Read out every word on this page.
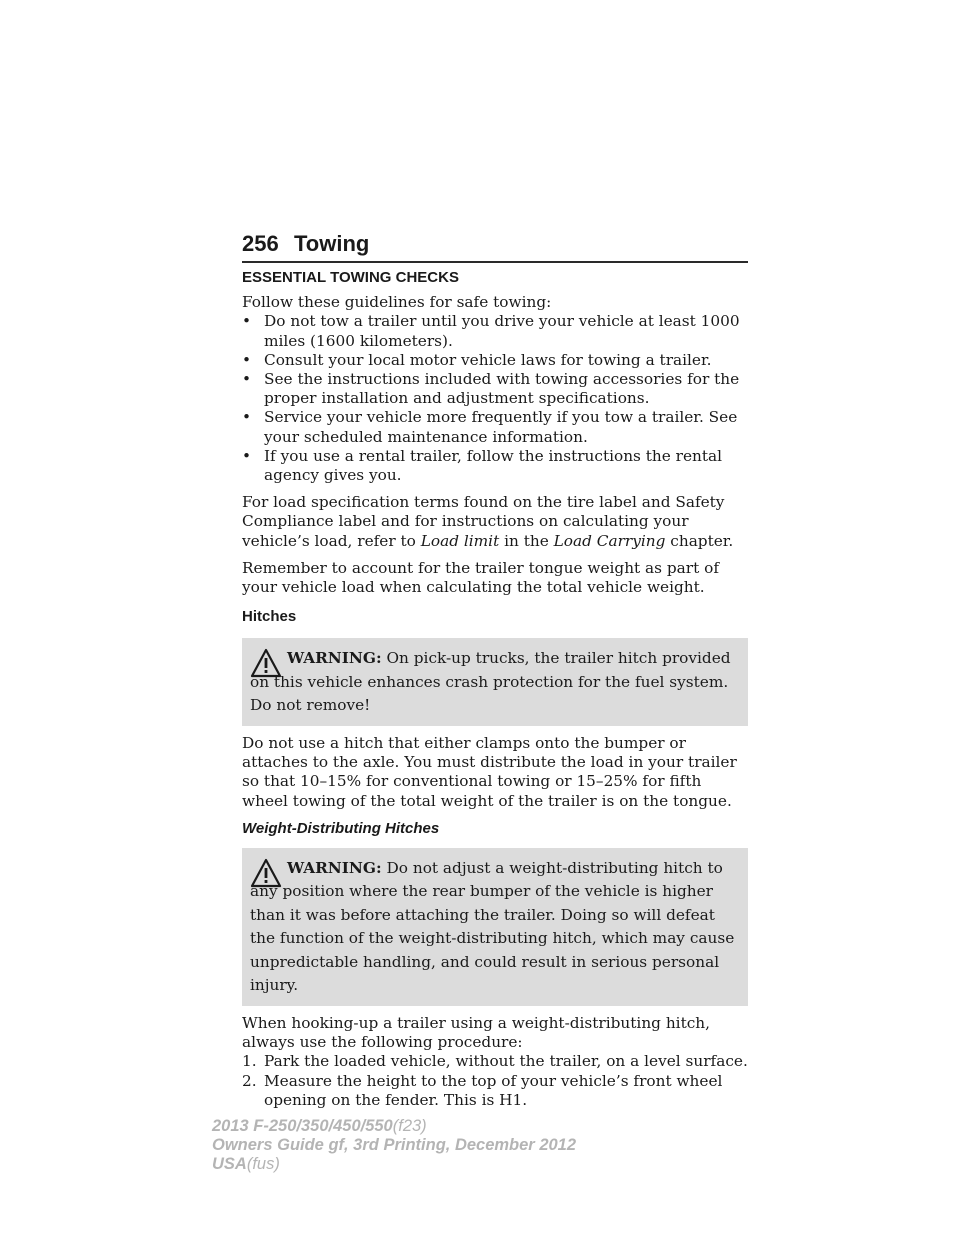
256 Towing
ESSENTIAL TOWING CHECKS

Follow these guidelines for safe towing:

• Do not tow a trailer until you drive your vehicle at least 1000 miles (1600 kilometers).
• Consult your local motor vehicle laws for towing a trailer.
• See the instructions included with towing accessories for the proper installation and adjustment specifications.
• Service your vehicle more frequently if you tow a trailer. See your scheduled maintenance information.
• If you use a rental trailer, follow the instructions the rental agency gives you.

For load specification terms found on the tire label and Safety Compliance label and for instructions on calculating your vehicle’s load, refer to Load limit in the Load Carrying chapter.

Remember to account for the trailer tongue weight as part of your vehicle load when calculating the total vehicle weight.

Hitches
WARNING: On pick-up trucks, the trailer hitch provided on this vehicle enhances crash protection for the fuel system. Do not remove!

Do not use a hitch that either clamps onto the bumper or attaches to the axle. You must distribute the load in your trailer so that 10–15% for conventional towing or 15–25% for fifth wheel towing of the total weight of the trailer is on the tongue.

Weight-Distributing Hitches
WARNING: Do not adjust a weight-distributing hitch to any position where the rear bumper of the vehicle is higher than it was before attaching the trailer. Doing so will defeat the function of the weight-distributing hitch, which may cause unpredictable handling, and could result in serious personal injury.

When hooking-up a trailer using a weight-distributing hitch, always use the following procedure:

1. Park the loaded vehicle, without the trailer, on a level surface.
2. Measure the height to the top of your vehicle’s front wheel opening on the fender. This is H1.
2013 F-250/350/450/550(f23)
Owners Guide gf, 3rd Printing, December 2012
USA(fus)
